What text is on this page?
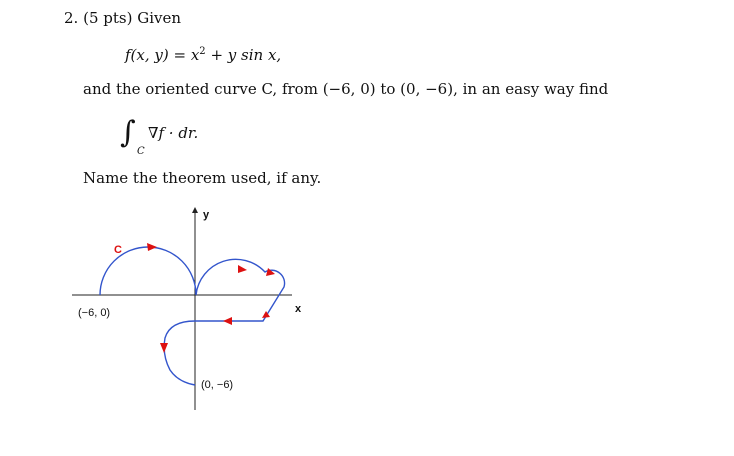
2. (5 pts) Given
f(x, $y) = x^2 + y$ sin x,
and the oriented curve C, from (−6, 0) to (0, −6), in an easy way find
∫
C
∇f · dr.
Name the theorem used, if any.
y
x
C
(−6, 0)
(0, −6)
